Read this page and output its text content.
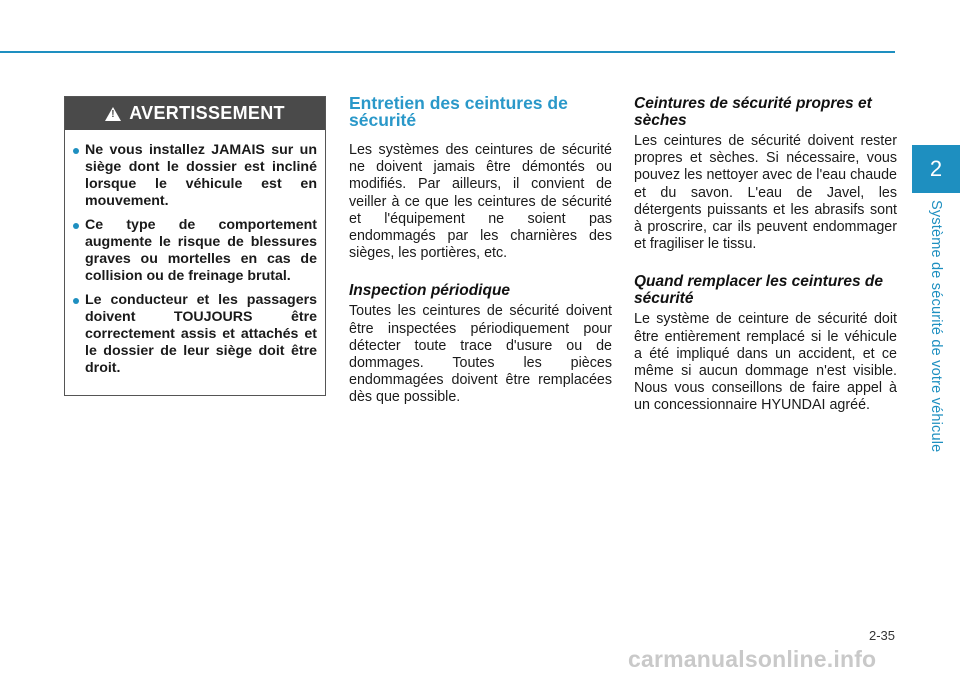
2
Système de sécurité de votre véhicule
!
AVERTISSEMENT
Ne vous installez JAMAIS sur un siège dont le dossier est incliné lorsque le véhicule est en mouvement.
Ce type de comportement augmente le risque de blessures graves ou mortelles en cas de collision ou de freinage brutal.
Le conducteur et les passagers doivent TOUJOURS être correctement assis et attachés et le dossier de leur siège doit être droit.
Entretien des ceintures de sécurité

Les systèmes des ceintures de sécurité ne doivent jamais être démontés ou modifiés. Par ailleurs, il convient de veiller à ce que les ceintures de sécurité et l'équipement ne soient pas endommagés par les charnières des sièges, les portières, etc.

Inspection périodique

Toutes les ceintures de sécurité doivent être inspectées périodiquement pour détecter toute trace d'usure ou de dommages. Toutes les pièces endommagées doivent être remplacées dès que possible.

Ceintures de sécurité propres et sèches

Les ceintures de sécurité doivent rester propres et sèches. Si nécessaire, vous pouvez les nettoyer avec de l'eau chaude et du savon. L'eau de Javel, les détergents puissants et les abrasifs sont à proscrire, car ils peuvent endommager et fragiliser le tissu.

Quand remplacer les ceintures de sécurité

Le système de ceinture de sécurité doit être entièrement remplacé si le véhicule a été impliqué dans un accident, et ce même si aucun dommage n'est visible. Nous vous conseillons de faire appel à un concessionnaire HYUNDAI agréé.

2-35
carmanualsonline.info
